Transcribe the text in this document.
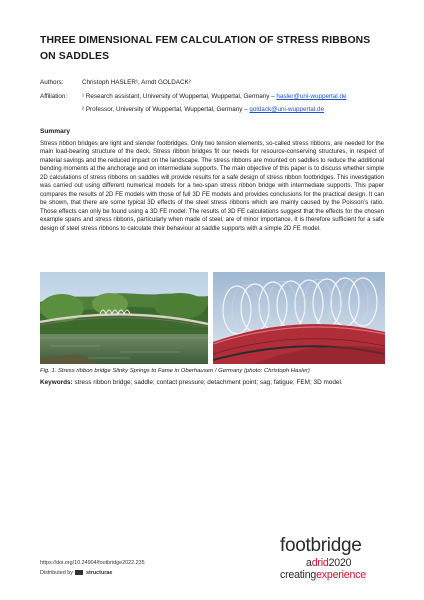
THREE DIMENSIONAL FEM CALCULATION OF STRESS RIBBONS ON SADDLES
Authors:	Christoph HASLER¹, Arndt GOLDACK²
Affiliation: ¹ Research assistant, University of Wuppertal, Wuppertal, Germany – hasler@uni-wuppertal.de
² Professor, University of Wuppertal, Wuppertal, Germany – goldack@uni-wuppertal.de
Summary
Stress ribbon bridges are light and slender footbridges. Only two tension elements, so-called stress ribbons, are needed for the main load-bearing structure of the deck. Stress ribbon bridges fit our needs for resource-conserving structures, in respect of material savings and the reduced impact on the landscape. The stress ribbons are mounted on saddles to reduce the additional bending moments at the anchorage and on intermediate supports. The main objective of this paper is to discuss whether simple 2D calculations of stress ribbons on saddles will provide results for a safe design of stress ribbon footbridges. This investigation was carried out using different numerical models for a two-span stress ribbon bridge with intermediate supports. This paper compares the results of 2D FE models with those of full 3D FE models and provides conclusions for the practical design. It can be shown, that there are some typical 3D effects of the steel stress ribbons which are mainly caused by the Poisson’s ratio. Those effects can only be found using a 3D FE model. The results of 3D FE calculations suggest that the effects for the chosen example spans and stress ribbons, particularly when made of steel, are of minor importance. It is therefore sufficient for a safe design of steel stress ribbons to calculate their behaviour at saddle supports with a simple 2D FE model.
Fig. 1. Stress ribbon bridge Slinky Springs to Fame in Oberhausen / Germany (photo: Christoph Hasler)
Keywords: stress ribbon bridge; saddle; contact pressure; detachment point; sag; fatigue; FEM; 3D model.
https://doi.org/10.24904/footbridge2022.235
Distributed by structurae
footbridge
adrid2020
creatingexperience
